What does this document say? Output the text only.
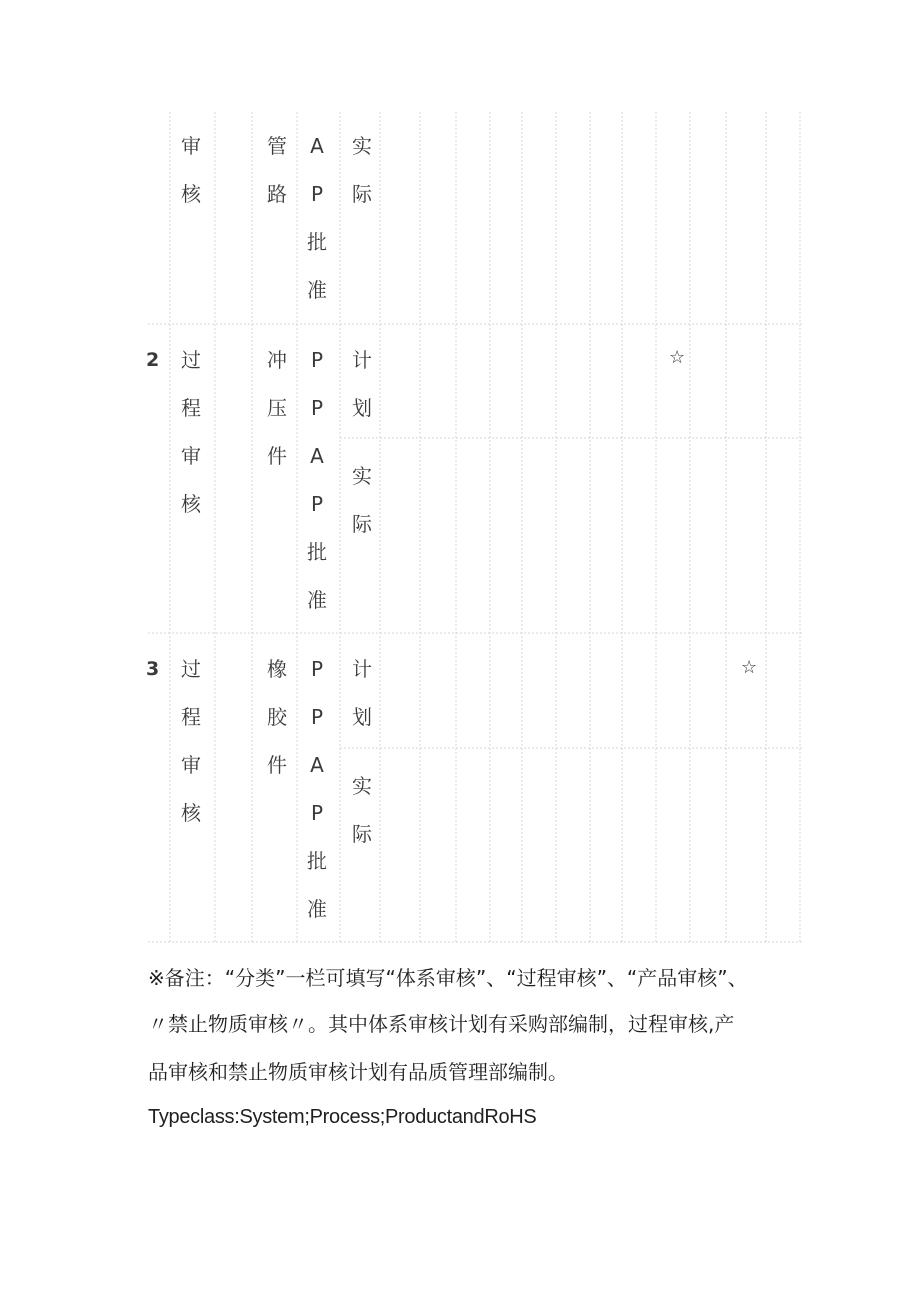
审
核
管
路
A
P
批
准
实
际
2 过
程
审
核
冲
压
件
P
P
A
P
批
准
计
划
实
际
☆
3 过
程
审
核
橡
胶
件
P
P
A
P
批
准
计
划
实
际
☆
※备注：“分类”一栏可填写“体系审核”、“过程审核”、“产品审核”、
〃禁止物质审核〃。其中体系审核计划有采购部编制，过程审核,产
品审核和禁止物质审核计划有品质管理部编制。
Typeclass:System;Process;ProductandRoHS
